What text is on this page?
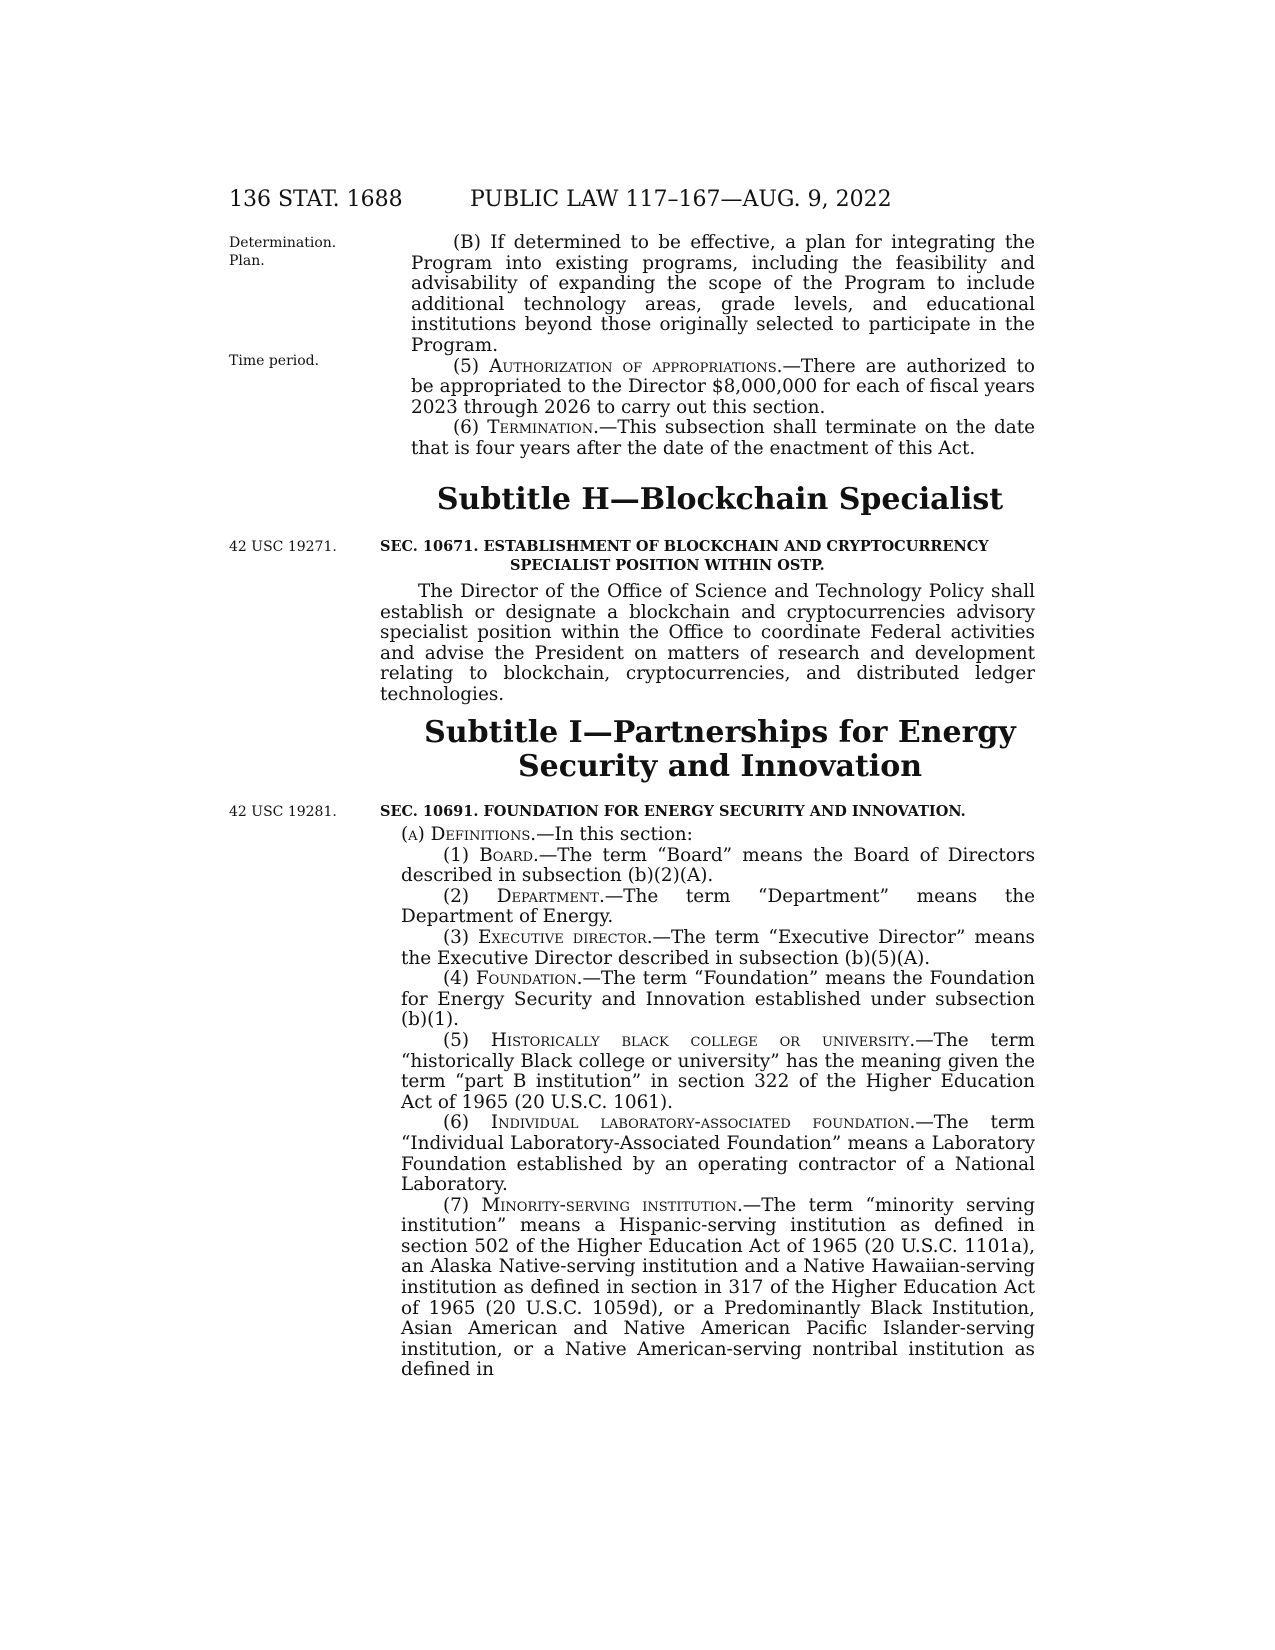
136 STAT. 1688	PUBLIC LAW 117–167—AUG. 9, 2022
Determination.
Plan.
Time period.

(B) If determined to be effective, a plan for integrating the Program into existing programs, including the feasibility and advisability of expanding the scope of the Program to include additional technology areas, grade levels, and educational institutions beyond those originally selected to participate in the Program.

(5) Authorization of appropriations.—There are authorized to be appropriated to the Director $8,000,000 for each of fiscal years 2023 through 2026 to carry out this section.

(6) Termination.—This subsection shall terminate on the date that is four years after the date of the enactment of this Act.

Subtitle H—Blockchain Specialist
42 USC 19271.	SEC. 10671. ESTABLISHMENT OF BLOCKCHAIN AND CRYPTOCURRENCY
SPECIALIST POSITION WITHIN OSTP.

The Director of the Office of Science and Technology Policy shall establish or designate a blockchain and cryptocurrencies advisory specialist position within the Office to coordinate Federal activities and advise the President on matters of research and development relating to blockchain, cryptocurrencies, and distributed ledger technologies.

Subtitle I—Partnerships for Energy
Security and Innovation
42 USC 19281.	SEC. 10691. FOUNDATION FOR ENERGY SECURITY AND INNOVATION.

(a) Definitions.—In this section:

(1) Board.—The term “Board” means the Board of Directors described in subsection (b)(2)(A).

(2) Department.—The term “Department” means the Department of Energy.

(3) Executive director.—The term “Executive Director” means the Executive Director described in subsection (b)(5)(A).

(4) Foundation.—The term “Foundation” means the Foundation for Energy Security and Innovation established under subsection (b)(1).

(5) Historically black college or university.—The term “historically Black college or university” has the meaning given the term “part B institution” in section 322 of the Higher Education Act of 1965 (20 U.S.C. 1061).

(6) Individual laboratory-associated foundation.—The term “Individual Laboratory-Associated Foundation” means a Laboratory Foundation established by an operating contractor of a National Laboratory.

(7) Minority-serving institution.—The term “minority serving institution” means a Hispanic-serving institution as defined in section 502 of the Higher Education Act of 1965 (20 U.S.C. 1101a), an Alaska Native-serving institution and a Native Hawaiian-serving institution as defined in section in 317 of the Higher Education Act of 1965 (20 U.S.C. 1059d), or a Predominantly Black Institution, Asian American and Native American Pacific Islander-serving institution, or a Native American-serving nontribal institution as defined in
